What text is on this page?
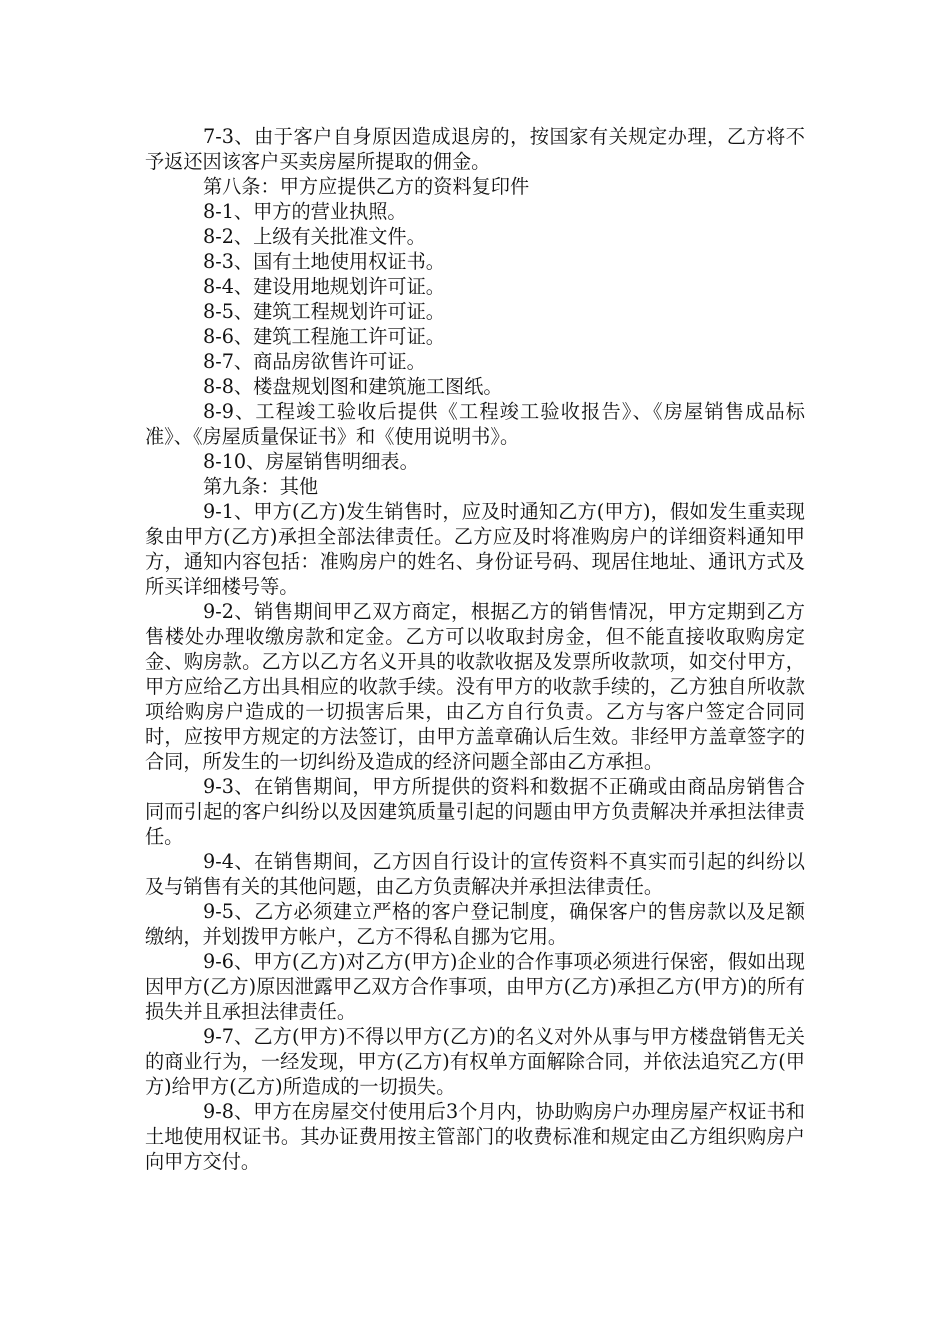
7-3、由于客户自身原因造成退房的，按国家有关规定办理，乙方将不予返还因该客户买卖房屋所提取的佣金。

第八条：甲方应提供乙方的资料复印件

8-1、甲方的营业执照。

8-2、上级有关批准文件。

8-3、国有土地使用权证书。

8-4、建设用地规划许可证。

8-5、建筑工程规划许可证。

8-6、建筑工程施工许可证。

8-7、商品房欲售许可证。

8-8、楼盘规划图和建筑施工图纸。

8-9、工程竣工验收后提供《工程竣工验收报告》、《房屋销售成品标准》、《房屋质量保证书》和《使用说明书》。

8-10、房屋销售明细表。

第九条：其他

9-1、甲方(乙方)发生销售时，应及时通知乙方(甲方)，假如发生重卖现象由甲方(乙方)承担全部法律责任。乙方应及时将准购房户的详细资料通知甲方，通知内容包括：准购房户的姓名、身份证号码、现居住地址、通讯方式及所买详细楼号等。

9-2、销售期间甲乙双方商定，根据乙方的销售情况，甲方定期到乙方售楼处办理收缴房款和定金。乙方可以收取封房金，但不能直接收取购房定金、购房款。乙方以乙方名义开具的收款收据及发票所收款项，如交付甲方，甲方应给乙方出具相应的收款手续。没有甲方的收款手续的，乙方独自所收款项给购房户造成的一切损害后果，由乙方自行负责。乙方与客户签定合同同时，应按甲方规定的方法签订，由甲方盖章确认后生效。非经甲方盖章签字的合同，所发生的一切纠纷及造成的经济问题全部由乙方承担。

9-3、在销售期间，甲方所提供的资料和数据不正确或由商品房销售合同而引起的客户纠纷以及因建筑质量引起的问题由甲方负责解决并承担法律责任。

9-4、在销售期间，乙方因自行设计的宣传资料不真实而引起的纠纷以及与销售有关的其他问题，由乙方负责解决并承担法律责任。

9-5、乙方必须建立严格的客户登记制度，确保客户的售房款以及足额缴纳，并划拨甲方帐户，乙方不得私自挪为它用。

9-6、甲方(乙方)对乙方(甲方)企业的合作事项必须进行保密，假如出现因甲方(乙方)原因泄露甲乙双方合作事项，由甲方(乙方)承担乙方(甲方)的所有损失并且承担法律责任。

9-7、乙方(甲方)不得以甲方(乙方)的名义对外从事与甲方楼盘销售无关的商业行为，一经发现，甲方(乙方)有权单方面解除合同，并依法追究乙方(甲方)给甲方(乙方)所造成的一切损失。

9-8、甲方在房屋交付使用后3个月内，协助购房户办理房屋产权证书和土地使用权证书。其办证费用按主管部门的收费标准和规定由乙方组织购房户向甲方交付。
